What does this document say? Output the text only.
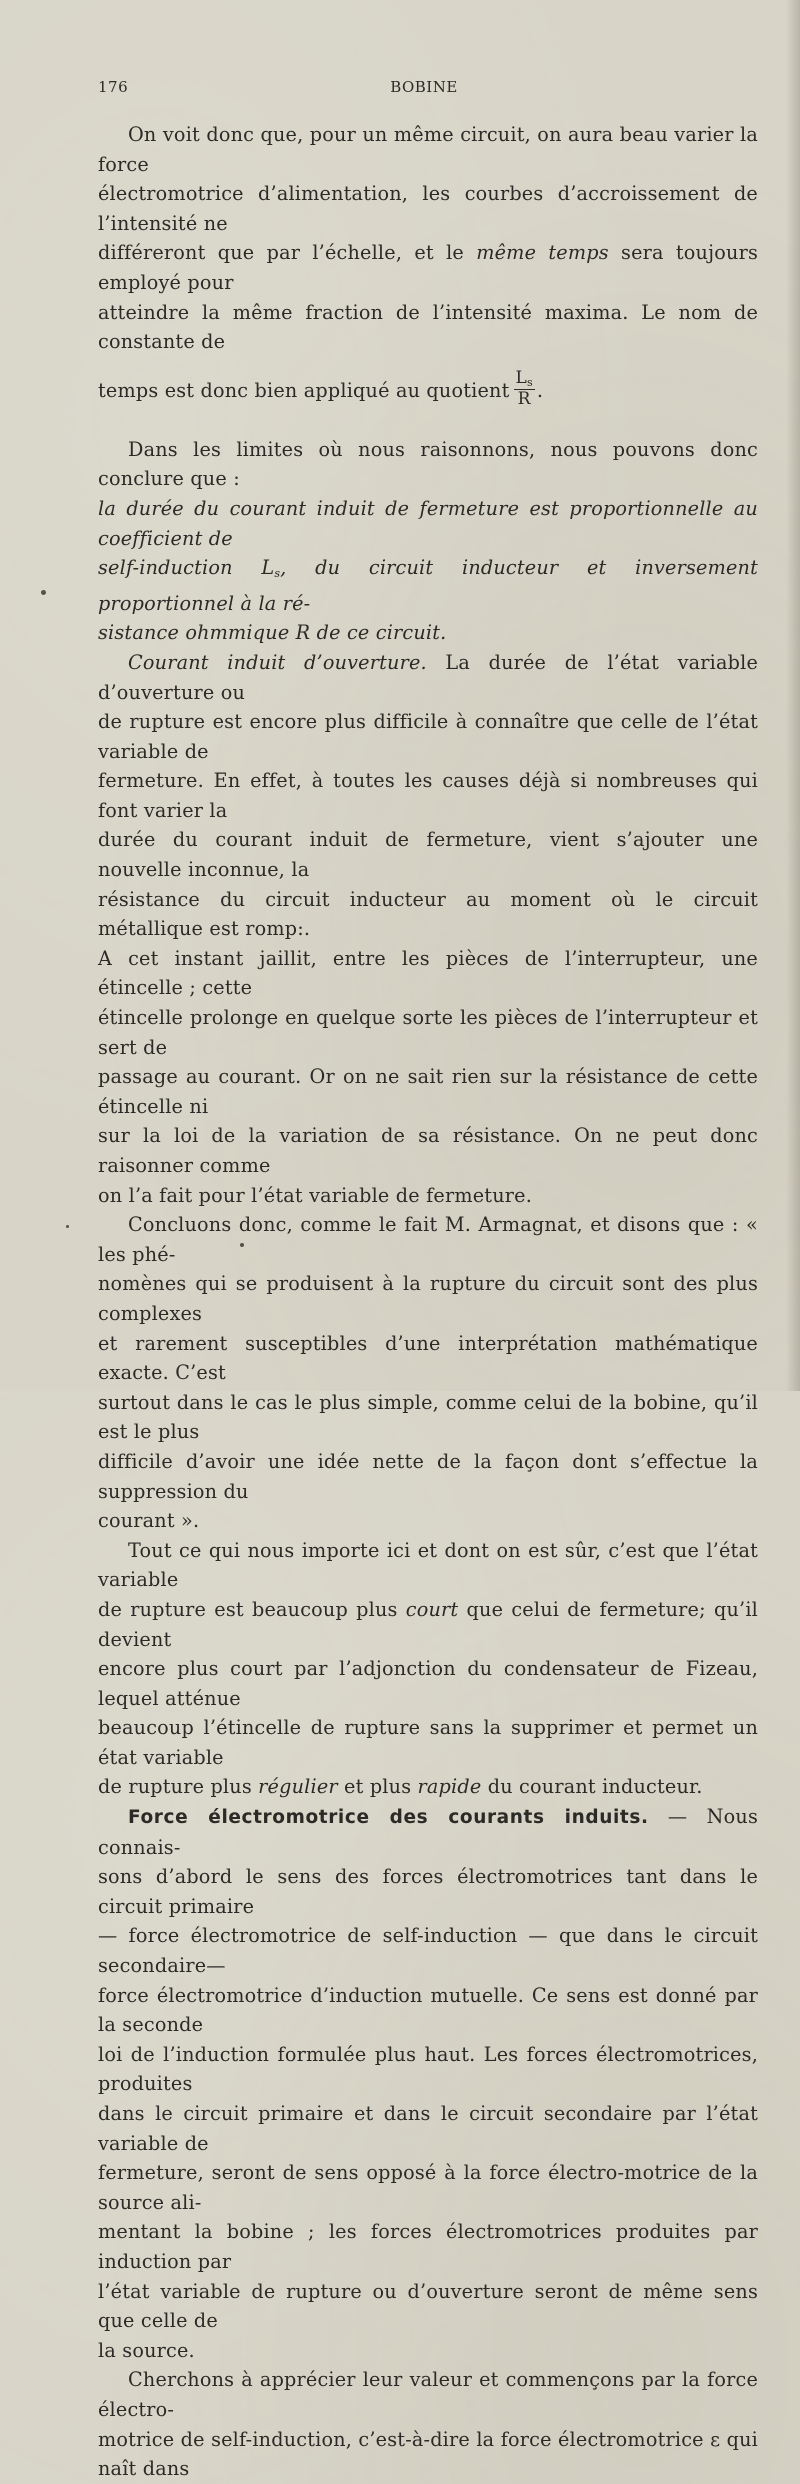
176	BOBINE

On voit donc que, pour un même circuit, on aura beau varier la force
électromotrice d’alimentation, les courbes d’accroissement de l’intensité ne
différeront que par l’échelle, et le même temps sera toujours employé pour
atteindre la même fraction de l’intensité maxima. Le nom de constante de
temps est donc bien appliqué au quotient $\frac{L_s}{R}$ .

Dans les limites où nous raisonnons, nous pouvons donc conclure que :
la durée du courant induit de fermeture est proportionnelle au coefficient de
self-induction $L_s$, du circuit inducteur et inversement proportionnel à la ré-
sistance ohmmique R de ce circuit.

Courant induit d’ouverture. La durée de l’état variable d’ouverture ou
de rupture est encore plus difficile à connaître que celle de l’état variable de
fermeture. En effet, à toutes les causes déjà si nombreuses qui font varier la
durée du courant induit de fermeture, vient s’ajouter une nouvelle inconnue, la
résistance du circuit inducteur au moment où le circuit métallique est romp:.
A cet instant jaillit, entre les pièces de l’interrupteur, une étincelle ; cette
étincelle prolonge en quelque sorte les pièces de l’interrupteur et sert de
passage au courant. Or on ne sait rien sur la résistance de cette étincelle ni
sur la loi de la variation de sa résistance. On ne peut donc raisonner comme
on l’a fait pour l’état variable de fermeture.

Concluons donc, comme le fait M. Armagnat, et disons que : « les phé-
nomènes qui se produisent à la rupture du circuit sont des plus complexes
et rarement susceptibles d’une interprétation mathématique exacte. C’est
surtout dans le cas le plus simple, comme celui de la bobine, qu’il est le plus
difficile d’avoir une idée nette de la façon dont s’effectue la suppression du
courant ».

Tout ce qui nous importe ici et dont on est sûr, c’est que l’état variable
de rupture est beaucoup plus court que celui de fermeture; qu’il devient
encore plus court par l’adjonction du condensateur de Fizeau, lequel atténue
beaucoup l’étincelle de rupture sans la supprimer et permet un état variable
de rupture plus régulier et plus rapide du courant inducteur.

Force électromotrice des courants induits. — Nous connais-
sons d’abord le sens des forces électromotrices tant dans le circuit primaire
— force électromotrice de self-induction — que dans le circuit secondaire—
force électromotrice d’induction mutuelle. Ce sens est donné par la seconde
loi de l’induction formulée plus haut. Les forces électromotrices, produites
dans le circuit primaire et dans le circuit secondaire par l’état variable de
fermeture, seront de sens opposé à la force électro-motrice de la source ali-
mentant la bobine ; les forces électromotrices produites par induction par
l’état variable de rupture ou d’ouverture seront de même sens que celle de
la source.

Cherchons à apprécier leur valeur et commençons par la force électro-
motrice de self-induction, c’est-à-dire la force électromotrice ε qui naît dans
